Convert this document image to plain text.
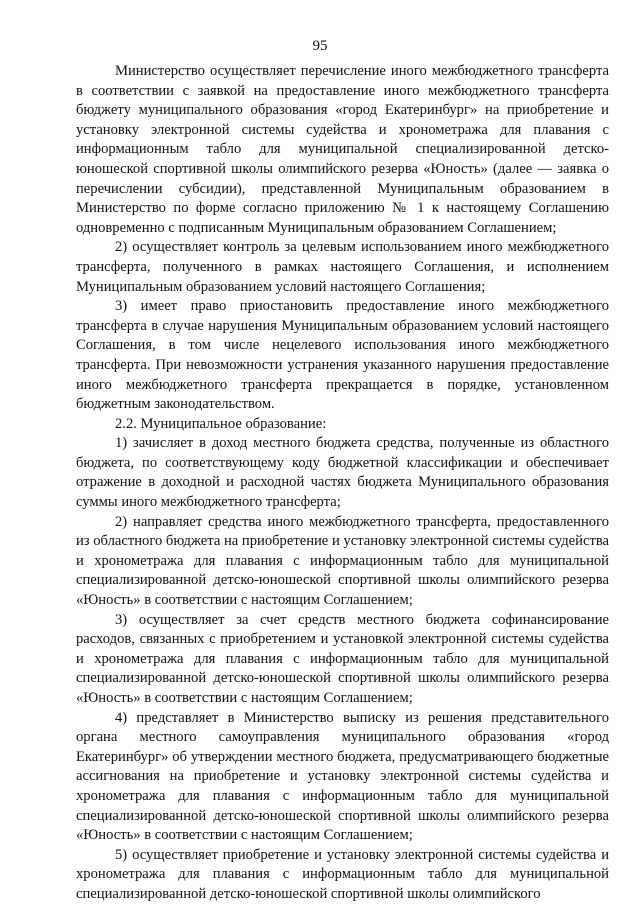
95

Министерство осуществляет перечисление иного межбюджетного трансферта в соответствии с заявкой на предоставление иного межбюджетного трансферта бюджету муниципального образования «город Екатеринбург» на приобретение и установку электронной системы судейства и хронометража для плавания с информационным табло для муниципальной специализированной детско-юношеской спортивной школы олимпийского резерва «Юность» (далее — заявка о перечислении субсидии), представленной Муниципальным образованием в Министерство по форме согласно приложению № 1 к настоящему Соглашению одновременно с подписанным Муниципальным образованием Соглашением;

2) осуществляет контроль за целевым использованием иного межбюджетного трансферта, полученного в рамках настоящего Соглашения, и исполнением Муниципальным образованием условий настоящего Соглашения;

3) имеет право приостановить предоставление иного межбюджетного трансферта в случае нарушения Муниципальным образованием условий настоящего Соглашения, в том числе нецелевого использования иного межбюджетного трансферта. При невозможности устранения указанного нарушения предоставление иного межбюджетного трансферта прекращается в порядке, установленном бюджетным законодательством.

2.2. Муниципальное образование:

1) зачисляет в доход местного бюджета средства, полученные из областного бюджета, по соответствующему коду бюджетной классификации и обеспечивает отражение в доходной и расходной частях бюджета Муниципального образования суммы иного межбюджетного трансферта;

2) направляет средства иного межбюджетного трансферта, предоставленного из областного бюджета на приобретение и установку электронной системы судейства и хронометража для плавания с информационным табло для муниципальной специализированной детско-юношеской спортивной школы олимпийского резерва «Юность» в соответствии с настоящим Соглашением;

3) осуществляет за счет средств местного бюджета софинансирование расходов, связанных с приобретением и установкой электронной системы судейства и хронометража для плавания с информационным табло для муниципальной специализированной детско-юношеской спортивной школы олимпийского резерва «Юность» в соответствии с настоящим Соглашением;

4) представляет в Министерство выписку из решения представительного органа местного самоуправления муниципального образования «город Екатеринбург» об утверждении местного бюджета, предусматривающего бюджетные ассигнования на приобретение и установку электронной системы судейства и хронометража для плавания с информационным табло для муниципальной специализированной детско-юношеской спортивной школы олимпийского резерва «Юность» в соответствии с настоящим Соглашением;

5) осуществляет приобретение и установку электронной системы судейства и хронометража для плавания с информационным табло для муниципальной специализированной детско-юношеской спортивной школы олимпийского
